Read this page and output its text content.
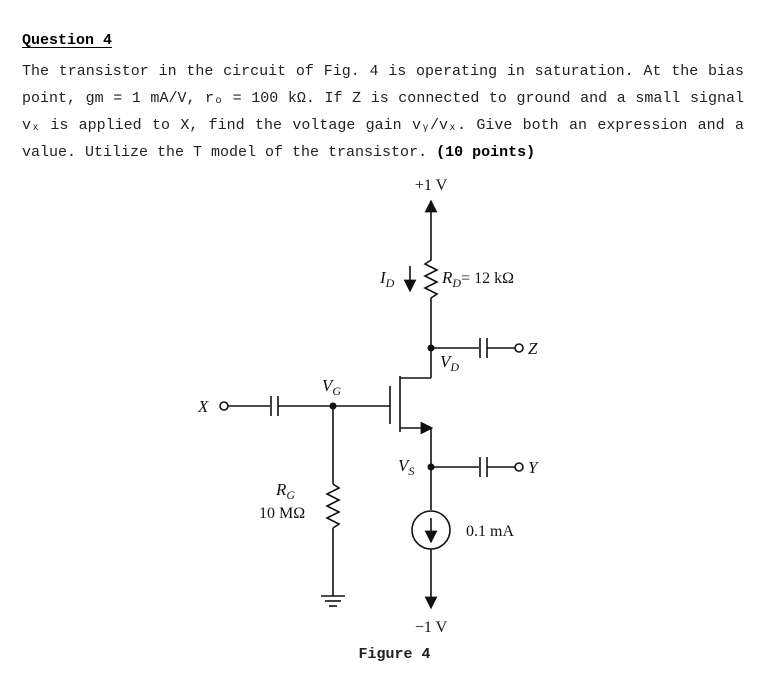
Question 4

The transistor in the circuit of Fig. 4 is operating in saturation. At the bias point, gm = 1 mA/V, rₒ = 100 kΩ. If Z is connected to ground and a small signal vₓ is applied to X, find the voltage gain vᵧ/vₓ. Give both an expression and a value. Utilize the T model of the transistor. (10 points)

+1 V
−1 V
$I_D$	$R_D= 12$ kΩ
Z
$V_D$
$V_G$
X
$V_S$	Y
$R_G$
10 MΩ
0.1 mA

Figure 4
